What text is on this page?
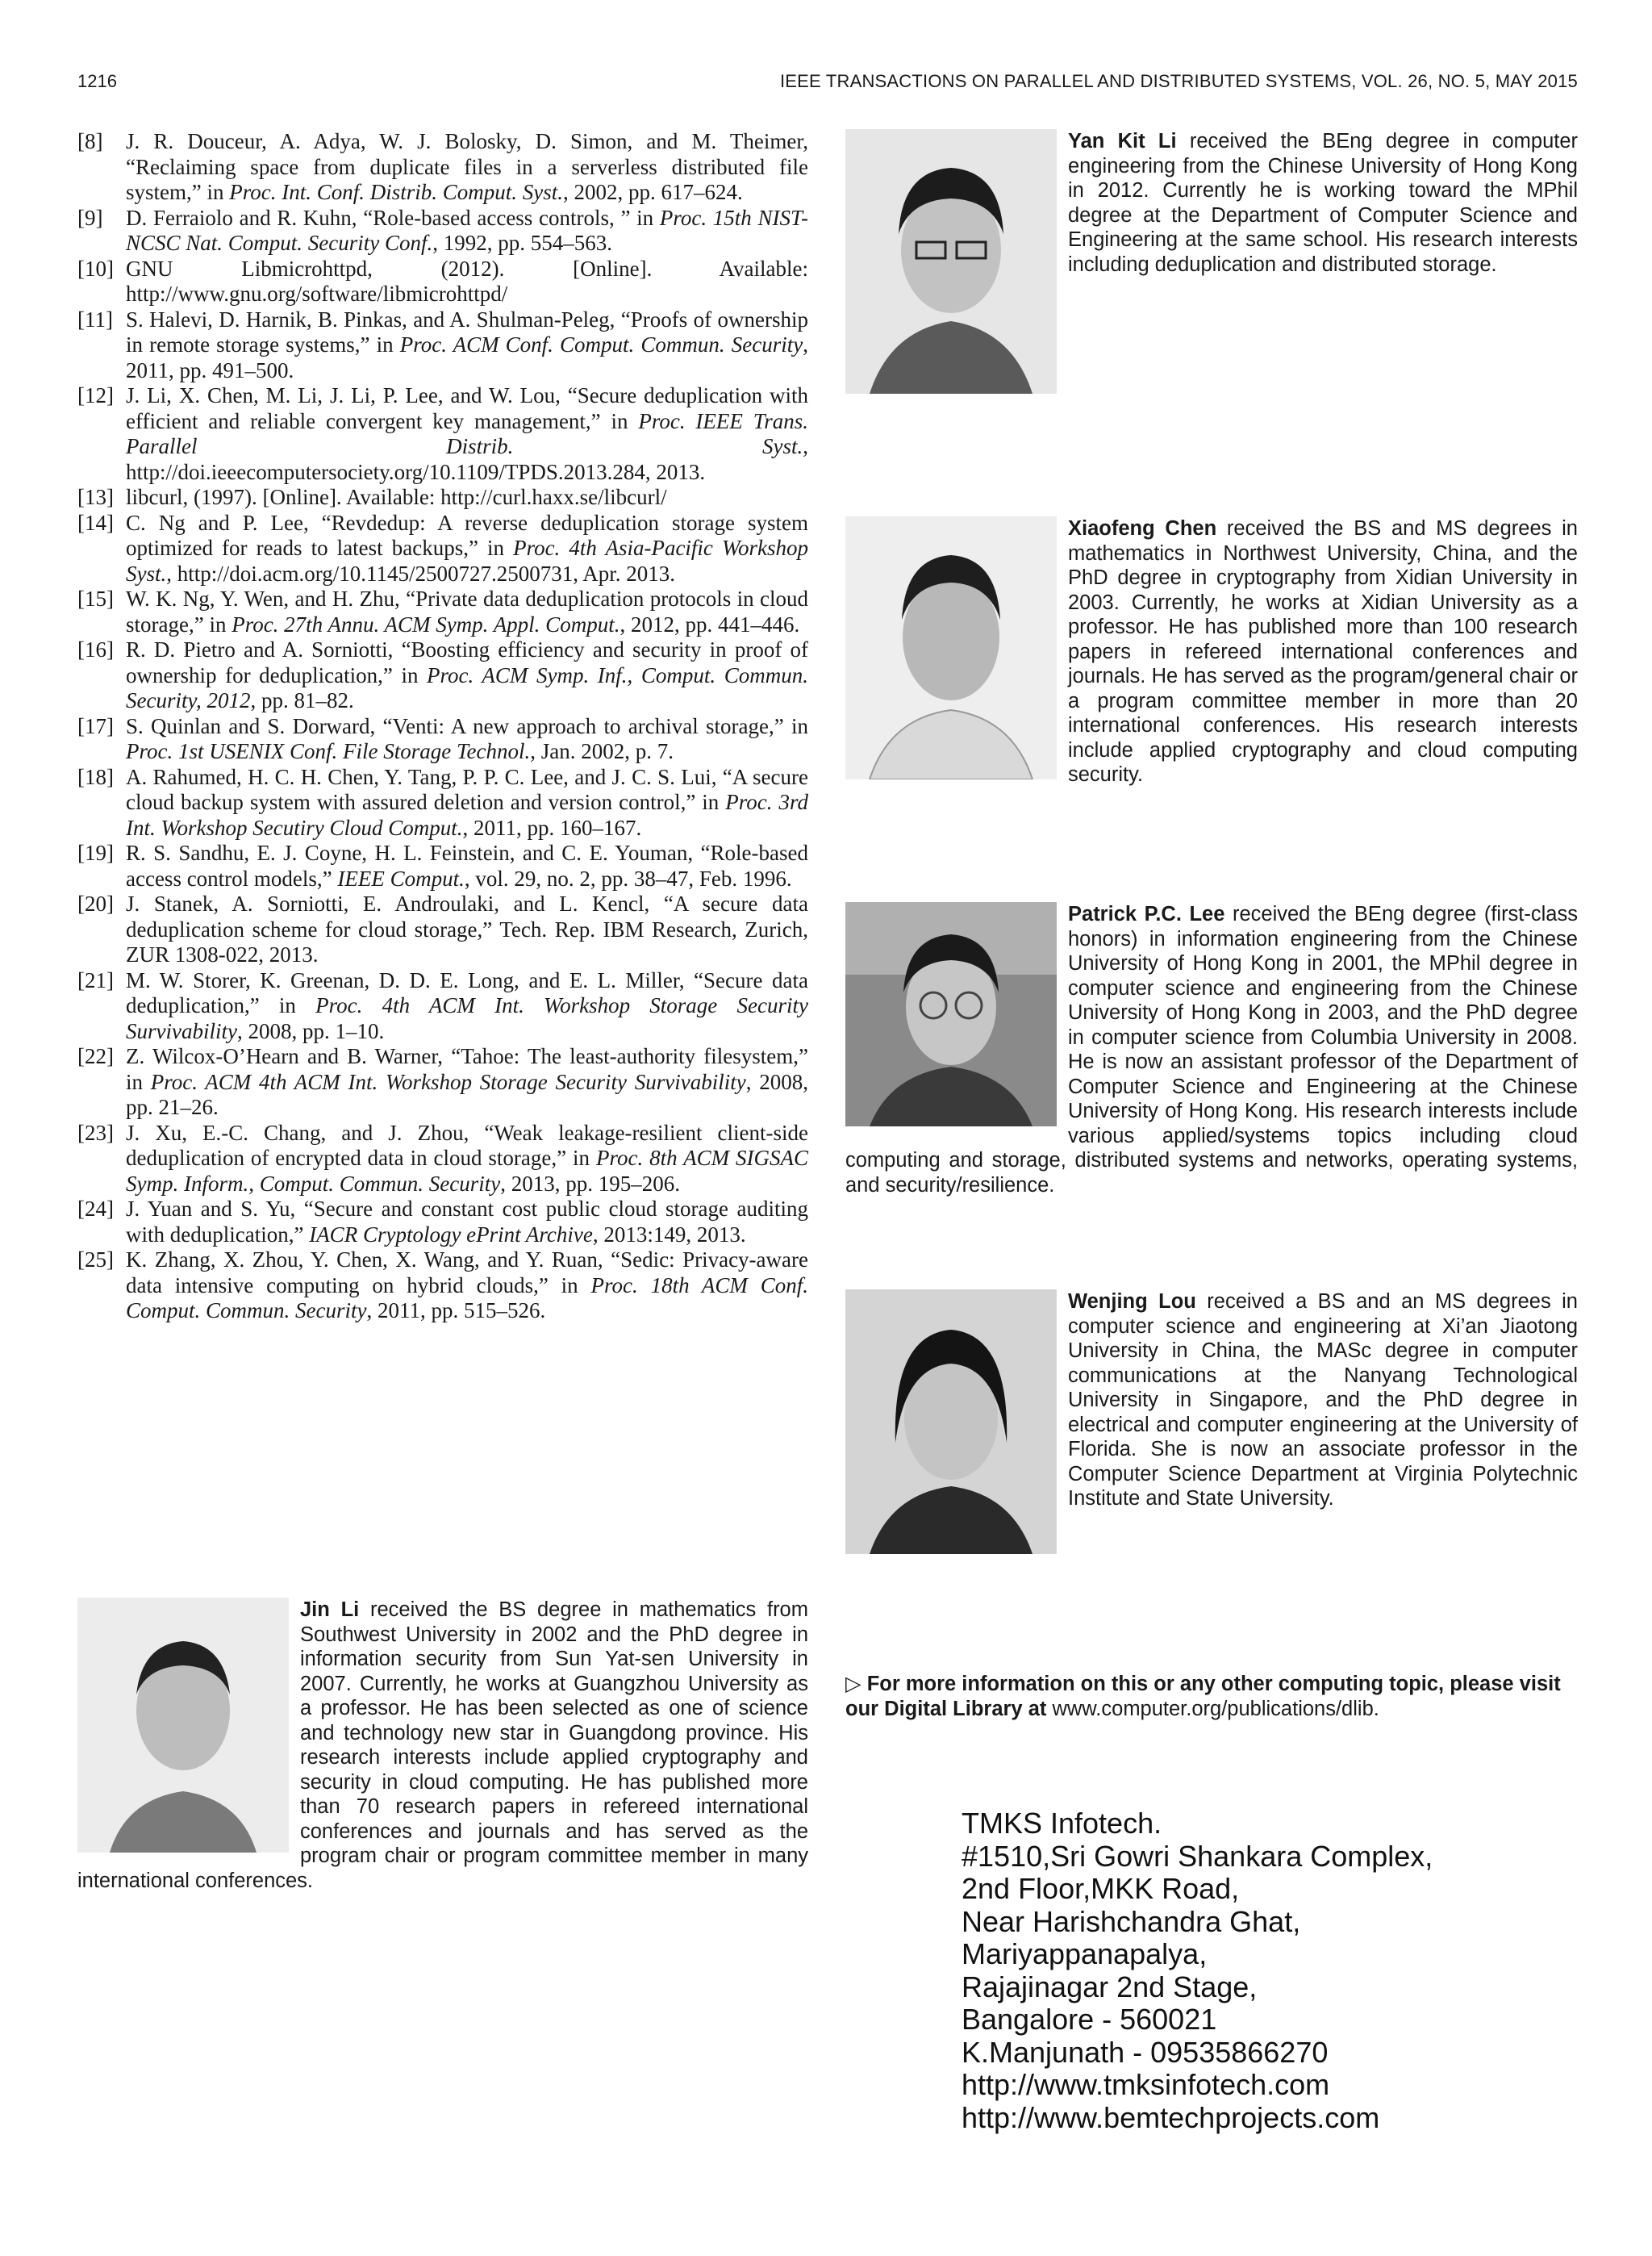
1216	IEEE TRANSACTIONS ON PARALLEL AND DISTRIBUTED SYSTEMS, VOL. 26, NO. 5, MAY 2015
[8]	J. R. Douceur, A. Adya, W. J. Bolosky, D. Simon, and M. Theimer, “Reclaiming space from duplicate files in a serverless distributed file system,” in Proc. Int. Conf. Distrib. Comput. Syst., 2002, pp. 617–624.
[9]	D. Ferraiolo and R. Kuhn, “Role-based access controls, ” in Proc. 15th NIST-NCSC Nat. Comput. Security Conf., 1992, pp. 554–563.
[10] GNU Libmicrohttpd, (2012). [Online]. Available: http://www.gnu.org/software/libmicrohttpd/
[11] S. Halevi, D. Harnik, B. Pinkas, and A. Shulman-Peleg, “Proofs of ownership in remote storage systems,” in Proc. ACM Conf. Comput. Commun. Security, 2011, pp. 491–500.
[12] J. Li, X. Chen, M. Li, J. Li, P. Lee, and W. Lou, “Secure deduplication with efficient and reliable convergent key management,” in Proc. IEEE Trans. Parallel Distrib. Syst., http://doi.ieeecomputersociety.org/10.1109/TPDS.2013.284, 2013.
[13] libcurl, (1997). [Online]. Available: http://curl.haxx.se/libcurl/
[14] C. Ng and P. Lee, “Revdedup: A reverse deduplication storage system optimized for reads to latest backups,” in Proc. 4th Asia-Pacific Workshop Syst., http://doi.acm.org/10.1145/2500727.2500731, Apr. 2013.
[15] W. K. Ng, Y. Wen, and H. Zhu, “Private data deduplication protocols in cloud storage,” in Proc. 27th Annu. ACM Symp. Appl. Comput., 2012, pp. 441–446.
[16] R. D. Pietro and A. Sorniotti, “Boosting efficiency and security in proof of ownership for deduplication,” in Proc. ACM Symp. Inf., Comput. Commun. Security, 2012, pp. 81–82.
[17] S. Quinlan and S. Dorward, “Venti: A new approach to archival storage,” in Proc. 1st USENIX Conf. File Storage Technol., Jan. 2002, p. 7.
[18] A. Rahumed, H. C. H. Chen, Y. Tang, P. P. C. Lee, and J. C. S. Lui, “A secure cloud backup system with assured deletion and version control,” in Proc. 3rd Int. Workshop Secutiry Cloud Comput., 2011, pp. 160–167.
[19] R. S. Sandhu, E. J. Coyne, H. L. Feinstein, and C. E. Youman, “Role-based access control models,” IEEE Comput., vol. 29, no. 2, pp. 38–47, Feb. 1996.
[20] J. Stanek, A. Sorniotti, E. Androulaki, and L. Kencl, “A secure data deduplication scheme for cloud storage,” Tech. Rep. IBM Research, Zurich, ZUR 1308-022, 2013.
[21] M. W. Storer, K. Greenan, D. D. E. Long, and E. L. Miller, “Secure data deduplication,” in Proc. 4th ACM Int. Workshop Storage Security Survivability, 2008, pp. 1–10.
[22] Z. Wilcox-O’Hearn and B. Warner, “Tahoe: The least-authority filesystem,” in Proc. ACM 4th ACM Int. Workshop Storage Security Survivability, 2008, pp. 21–26.
[23] J. Xu, E.-C. Chang, and J. Zhou, “Weak leakage-resilient client-side deduplication of encrypted data in cloud storage,” in Proc. 8th ACM SIGSAC Symp. Inform., Comput. Commun. Security, 2013, pp. 195–206.
[24] J. Yuan and S. Yu, “Secure and constant cost public cloud storage auditing with deduplication,” IACR Cryptology ePrint Archive, 2013:149, 2013.
[25] K. Zhang, X. Zhou, Y. Chen, X. Wang, and Y. Ruan, “Sedic: Privacy-aware data intensive computing on hybrid clouds,” in Proc. 18th ACM Conf. Comput. Commun. Security, 2011, pp. 515–526.
Jin Li received the BS degree in mathematics from Southwest University in 2002 and the PhD degree in information security from Sun Yat-sen University in 2007. Currently, he works at Guangzhou University as a professor. He has been selected as one of science and technology new star in Guangdong province. His research interests include applied cryptography and security in cloud computing. He has published more than 70 research papers in refereed international conferences and journals and has served as the program chair or program committee member in many international conferences.
Yan Kit Li received the BEng degree in computer engineering from the Chinese University of Hong Kong in 2012. Currently he is working toward the MPhil degree at the Department of Computer Science and Engineering at the same school. His research interests including deduplication and distributed storage.
Xiaofeng Chen received the BS and MS degrees in mathematics in Northwest University, China, and the PhD degree in cryptography from Xidian University in 2003. Currently, he works at Xidian University as a professor. He has published more than 100 research papers in refereed international conferences and journals. He has served as the program/general chair or a program committee member in more than 20 international conferences. His research interests include applied cryptography and cloud computing security.
Patrick P.C. Lee received the BEng degree (first-class honors) in information engineering from the Chinese University of Hong Kong in 2001, the MPhil degree in computer science and engineering from the Chinese University of Hong Kong in 2003, and the PhD degree in computer science from Columbia University in 2008. He is now an assistant professor of the Department of Computer Science and Engineering at the Chinese University of Hong Kong. His research interests include various applied/systems topics including cloud computing and storage, distributed systems and networks, operating systems, and security/resilience.
Wenjing Lou received a BS and an MS degrees in computer science and engineering at Xi’an Jiaotong University in China, the MASc degree in computer communications at the Nanyang Technological University in Singapore, and the PhD degree in electrical and computer engineering at the University of Florida. She is now an associate professor in the Computer Science Department at Virginia Polytechnic Institute and State University.
▷ For more information on this or any other computing topic, please visit our Digital Library at www.computer.org/publications/dlib.
TMKS Infotech.
#1510,Sri Gowri Shankara Complex,
2nd Floor,MKK Road,
Near Harishchandra Ghat,
Mariyappanapalya,
Rajajinagar 2nd Stage,
Bangalore - 560021
K.Manjunath - 09535866270
http://www.tmksinfotech.com
http://www.bemtechprojects.com
